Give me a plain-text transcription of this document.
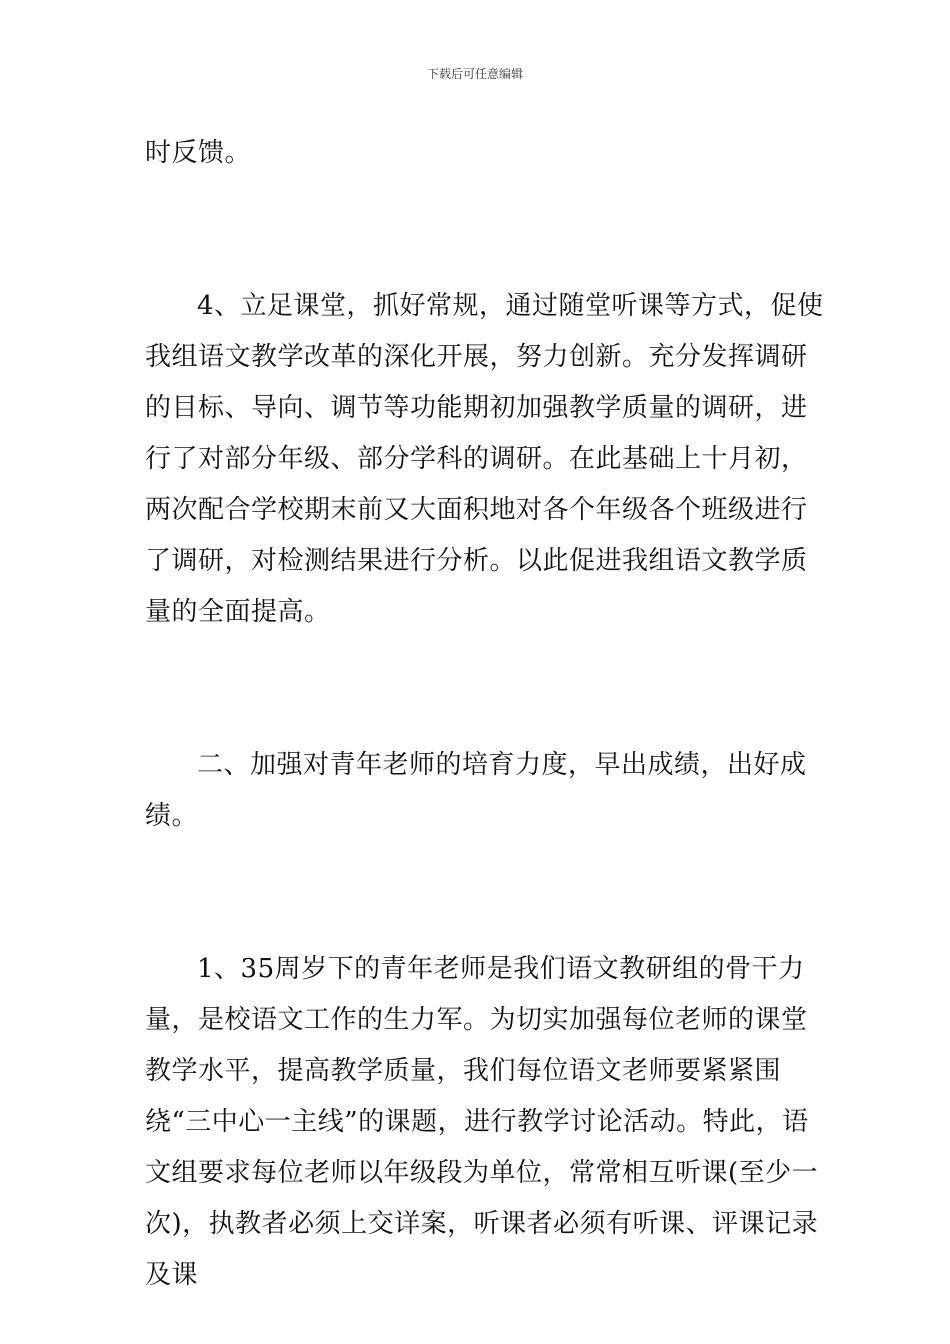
下载后可任意编辑

时反馈。

4、立足课堂，抓好常规，通过随堂听课等方式，促使我组语文教学改革的深化开展，努力创新。充分发挥调研的目标、导向、调节等功能期初加强教学质量的调研，进行了对部分年级、部分学科的调研。在此基础上十月初，两次配合学校期末前又大面积地对各个年级各个班级进行了调研，对检测结果进行分析。以此促进我组语文教学质量的全面提高。

二、加强对青年老师的培育力度，早出成绩，出好成绩。

1、35周岁下的青年老师是我们语文教研组的骨干力量，是校语文工作的生力军。为切实加强每位老师的课堂教学水平，提高教学质量，我们每位语文老师要紧紧围绕“三中心一主线”的课题，进行教学讨论活动。特此，语文组要求每位老师以年级段为单位，常常相互听课(至少一次)，执教者必须上交详案，听课者必须有听课、评课记录及课
